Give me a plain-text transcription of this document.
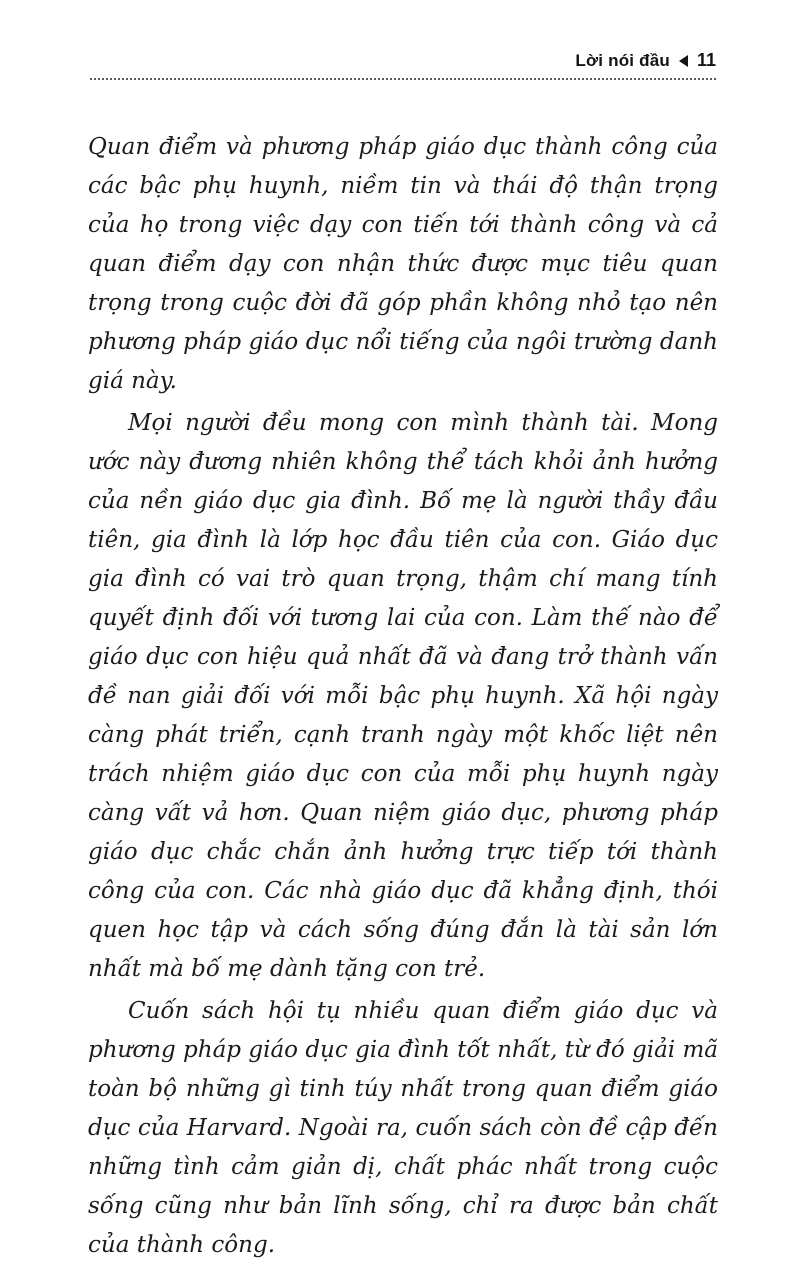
Lời nói đầu 11

Quan điểm và phương pháp giáo dục thành công của các bậc phụ huynh, niềm tin và thái độ thận trọng của họ trong việc dạy con tiến tới thành công và cả quan điểm dạy con nhận thức được mục tiêu quan trọng trong cuộc đời đã góp phần không nhỏ tạo nên phương pháp giáo dục nổi tiếng của ngôi trường danh giá này.

Mọi người đều mong con mình thành tài. Mong ước này đương nhiên không thể tách khỏi ảnh hưởng của nền giáo dục gia đình. Bố mẹ là người thầy đầu tiên, gia đình là lớp học đầu tiên của con. Giáo dục gia đình có vai trò quan trọng, thậm chí mang tính quyết định đối với tương lai của con. Làm thế nào để giáo dục con hiệu quả nhất đã và đang trở thành vấn đề nan giải đối với mỗi bậc phụ huynh. Xã hội ngày càng phát triển, cạnh tranh ngày một khốc liệt nên trách nhiệm giáo dục con của mỗi phụ huynh ngày càng vất vả hơn. Quan niệm giáo dục, phương pháp giáo dục chắc chắn ảnh hưởng trực tiếp tới thành công của con. Các nhà giáo dục đã khẳng định, thói quen học tập và cách sống đúng đắn là tài sản lớn nhất mà bố mẹ dành tặng con trẻ.

Cuốn sách hội tụ nhiều quan điểm giáo dục và phương pháp giáo dục gia đình tốt nhất, từ đó giải mã toàn bộ những gì tinh túy nhất trong quan điểm giáo dục của Harvard. Ngoài ra, cuốn sách còn đề cập đến những tình cảm giản dị, chất phác nhất trong cuộc sống cũng như bản lĩnh sống, chỉ ra được bản chất của thành công.
